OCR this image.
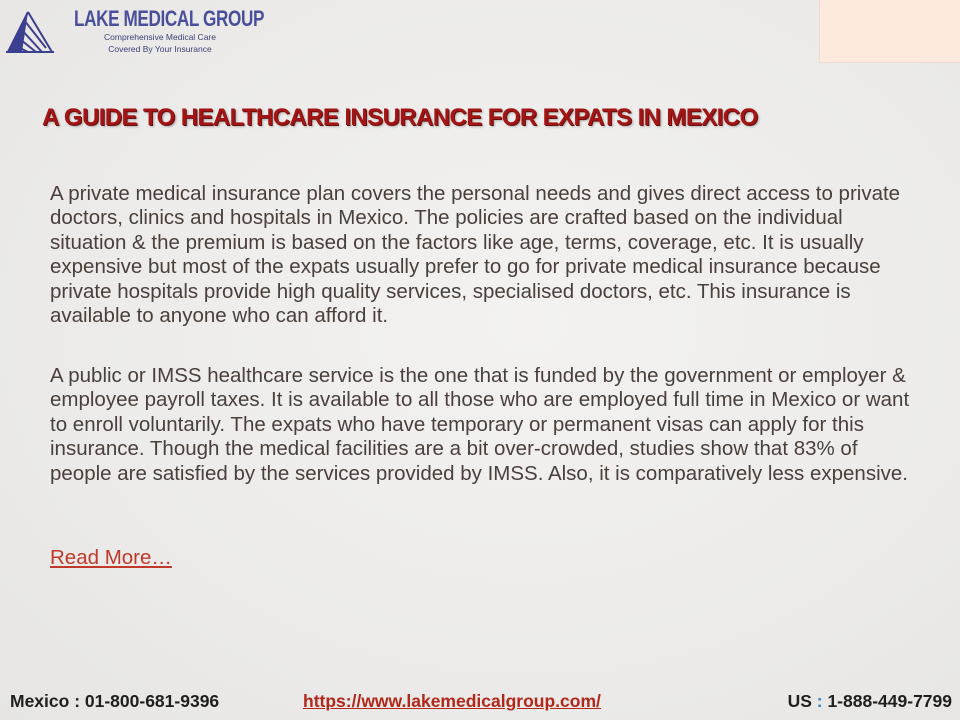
LAKE MEDICAL GROUP
Comprehensive Medical Care
Covered By Your Insurance
A GUIDE TO HEALTHCARE INSURANCE FOR EXPATS IN MEXICO

A private medical insurance plan covers the personal needs and gives direct access to private doctors, clinics and hospitals in Mexico. The policies are crafted based on the individual situation & the premium is based on the factors like age, terms, coverage, etc. It is usually expensive but most of the expats usually prefer to go for private medical insurance because private hospitals provide high quality services, specialised doctors, etc. This insurance is available to anyone who can afford it.

A public or IMSS healthcare service is the one that is funded by the government or employer & employee payroll taxes. It is available to all those who are employed full time in Mexico or want to enroll voluntarily. The expats who have temporary or permanent visas can apply for this insurance. Though the medical facilities are a bit over-crowded, studies show that 83% of people are satisfied by the services provided by IMSS. Also, it is comparatively less expensive.

Read More…
Mexico : 01-800-681-9396	https://www.lakemedicalgroup.com/	US : 1-888-449-7799
